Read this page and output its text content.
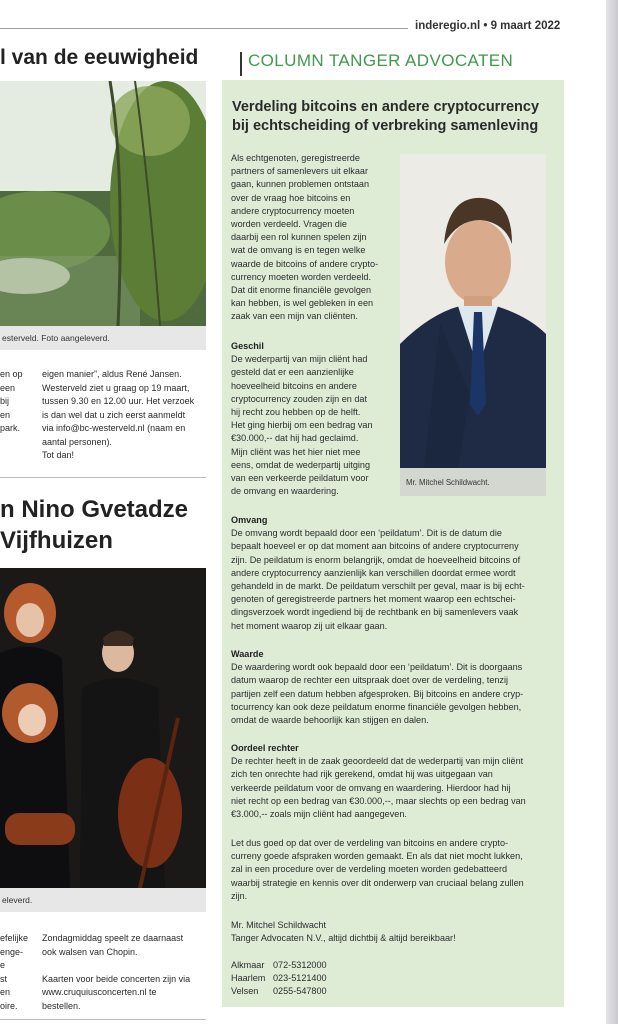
inderegio.nl • 9 maart 2022
l van de eeuwigheid
esterveld. Foto aangeleverd.
en op
een
bij
en
park.
eigen manier”, aldus René Jansen.
Westerveld ziet u graag op 19 maart,
tussen 9.30 en 12.00 uur. Het verzoek
is dan wel dat u zich eerst aanmeldt
via info@bc-westerveld.nl (naam en
aantal personen).
Tot dan!
n Nino Gvetadze
Vijfhuizen
eleverd.
efelijke
enge-
e
st
en
oire.
Zondagmiddag speelt ze daarnaast
ook walsen van Chopin.

Kaarten voor beide concerten zijn via
www.cruquiusconcerten.nl te
bestellen.
COLUMN TANGER ADVOCATEN
Verdeling bitcoins en andere cryptocurrency
bij echtscheiding of verbreking samenleving
Als echtgenoten, geregistreerde
partners of samenlevers uit elkaar
gaan, kunnen problemen ontstaan
over de vraag hoe bitcoins en
andere cryptocurrency moeten
worden verdeeld. Vragen die
daarbij een rol kunnen spelen zijn
wat de omvang is en tegen welke
waarde de bitcoins of andere crypto-
currency moeten worden verdeeld.
Dat dit enorme financiële gevolgen
kan hebben, is wel gebleken in een
zaak van een mijn van cliënten.
Mr. Mitchel Schildwacht.
Geschil
De wederpartij van mijn cliënt had
gesteld dat er een aanzienlijke
hoeveelheid bitcoins en andere
cryptocurrency zouden zijn en dat
hij recht zou hebben op de helft.
Het ging hierbij om een bedrag van
€30.000,-- dat hij had geclaimd.
Mijn cliënt was het hier niet mee
eens, omdat de wederpartij uitging
van een verkeerde peildatum voor
de omvang en waardering.
Omvang
De omvang wordt bepaald door een ‘peildatum’. Dit is de datum die
bepaalt hoeveel er op dat moment aan bitcoins of andere cryptocurreny
zijn. De peildatum is enorm belangrijk, omdat de hoeveelheid bitcoins of
andere cryptocurrency aanzienlijk kan verschillen doordat ermee wordt
gehandeld in de markt. De peildatum verschilt per geval, maar is bij echt-
genoten of geregistreerde partners het moment waarop een echtschei-
dingsverzoek wordt ingediend bij de rechtbank en bij samenlevers vaak
het moment waarop zij uit elkaar gaan.
Waarde
De waardering wordt ook bepaald door een ‘peildatum’. Dit is doorgaans
datum waarop de rechter een uitspraak doet over de verdeling, tenzij
partijen zelf een datum hebben afgesproken. Bij bitcoins en andere cryp-
tocurrency kan ook deze peildatum enorme financiële gevolgen hebben,
omdat de waarde behoorlijk kan stijgen en dalen.
Oordeel rechter
De rechter heeft in de zaak geoordeeld dat de wederpartij van mijn cliënt
zich ten onrechte had rijk gerekend, omdat hij was uitgegaan van
verkeerde peildatum voor de omvang en waardering. Hierdoor had hij
niet recht op een bedrag van €30.000,--, maar slechts op een bedrag van
€3.000,-- zoals mijn cliënt had aangegeven.
Let dus goed op dat over de verdeling van bitcoins en andere crypto-
curreny goede afspraken worden gemaakt. En als dat niet mocht lukken,
zal in een procedure over de verdeling moeten worden gedebatteerd
waarbij strategie en kennis over dit onderwerp van cruciaal belang zullen
zijn.
Mr. Mitchel Schildwacht
Tanger Advocaten N.V., altijd dichtbij & altijd bereikbaar!
Alkmaar 072-5312000
Haarlem 023-5121400
Velsen 0255-547800
